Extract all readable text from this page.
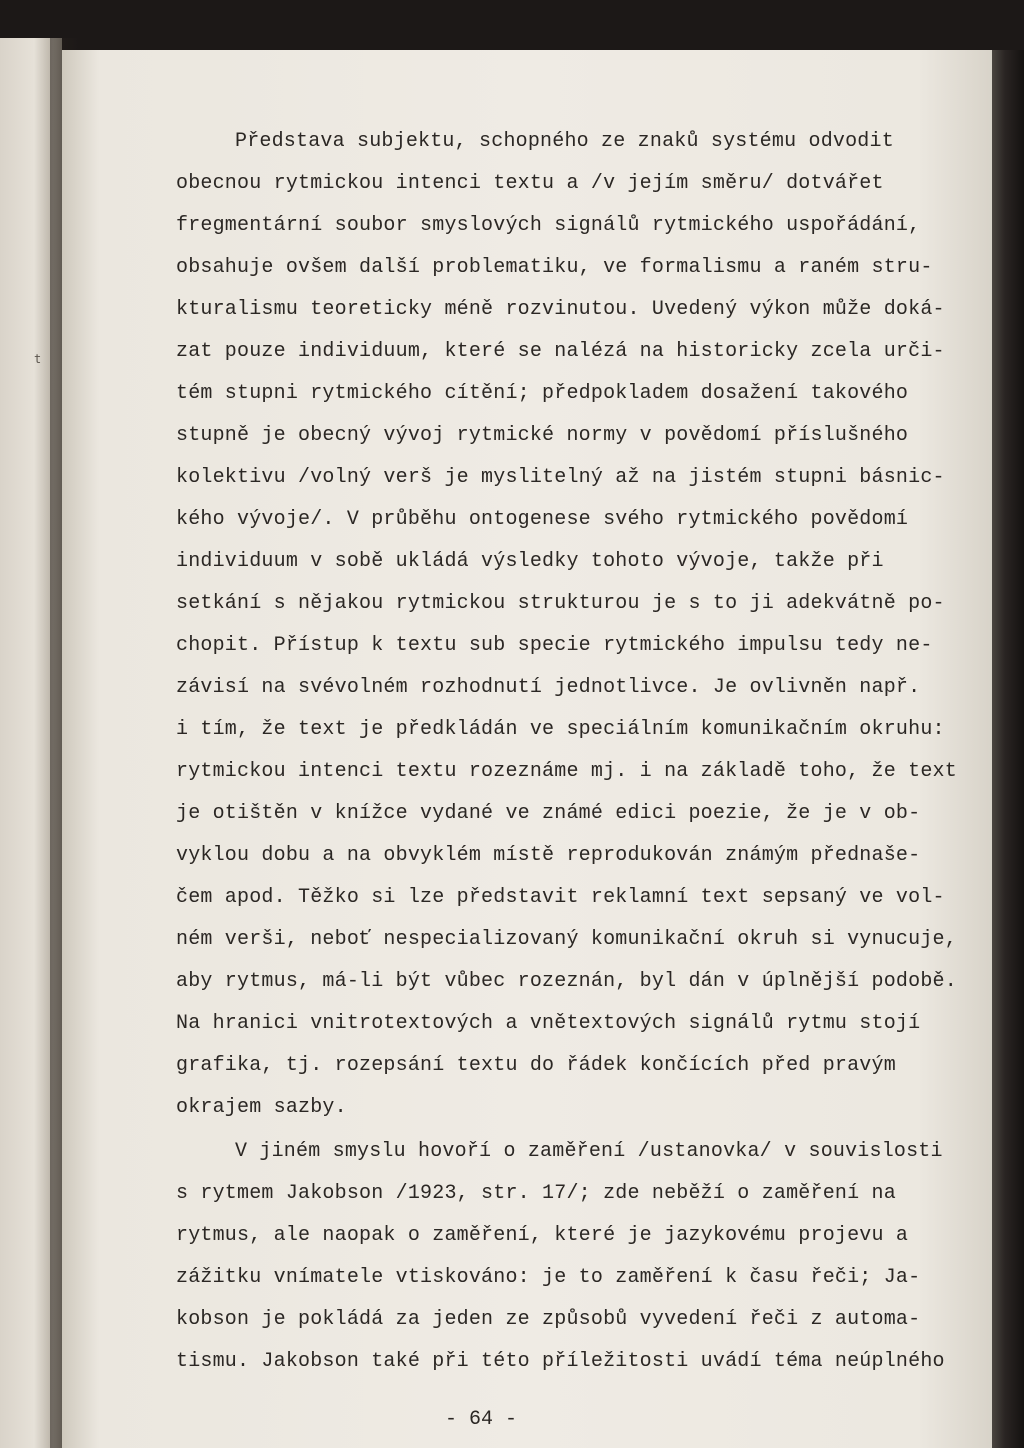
t
Představa subjektu, schopného ze znaků systému odvodit
obecnou rytmickou intenci textu a /v jejím směru/ dotvářet
fregmentární soubor smyslových signálů rytmického uspořádání,
obsahuje ovšem další problematiku, ve formalismu a raném stru-
kturalismu teoreticky méně rozvinutou. Uvedený výkon může doká-
zat pouze individuum, které se nalézá na historicky zcela urči-
tém stupni rytmického cítění; předpokladem dosažení takového
stupně je obecný vývoj rytmické normy v povědomí příslušného
kolektivu /volný verš je myslitelný až na jistém stupni básnic-
kého vývoje/. V průběhu ontogenese svého rytmického povědomí
individuum v sobě ukládá výsledky tohoto vývoje, takže při
setkání s nějakou rytmickou strukturou je s to ji adekvátně po-
chopit. Přístup k textu sub specie rytmického impulsu tedy ne-
závisí na svévolném rozhodnutí jednotlivce. Je ovlivněn např.
i tím, že text je předkládán ve speciálním komunikačním okruhu:
rytmickou intenci textu rozeznáme mj. i na základě toho, že text
je otištěn v knížce vydané ve známé edici poezie, že je v ob-
vyklou dobu a na obvyklém místě reprodukován známým přednaše-
čem apod. Těžko si lze představit reklamní text sepsaný ve vol-
ném verši, neboť nespecializovaný komunikační okruh si vynucuje,
aby rytmus, má-li být vůbec rozeznán, byl dán v úplnější podobě.
Na hranici vnitrotextových a vnětextových signálů rytmu stojí
grafika, tj. rozepsání textu do řádek končících před pravým
okrajem sazby.
V jiném smyslu hovoří o zaměření /ustanovka/ v souvislosti
s rytmem Jakobson /1923, str. 17/; zde neběží o zaměření na
rytmus, ale naopak o zaměření, které je jazykovému projevu a
zážitku vnímatele vtiskováno: je to zaměření k času řeči; Ja-
kobson je pokládá za jeden ze způsobů vyvedení řeči z automa-
tismu. Jakobson také při této příležitosti uvádí téma neúplného
- 64 -
